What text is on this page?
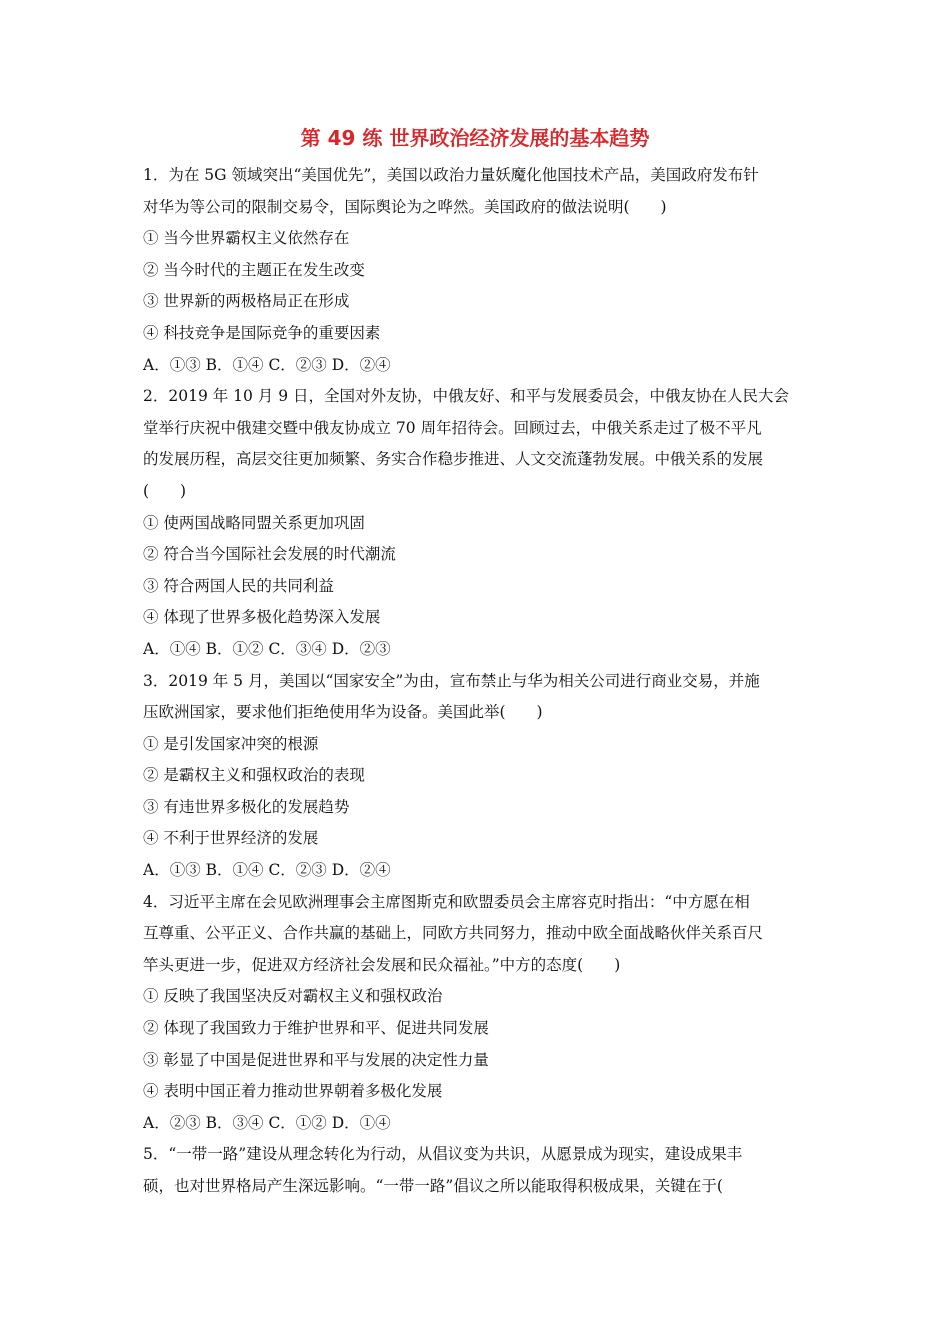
第 49 练 世界政治经济发展的基本趋势
1．为在 5G 领域突出“美国优先”，美国以政治力量妖魔化他国技术产品，美国政府发布针
对华为等公司的限制交易令，国际舆论为之哗然。美国政府的做法说明(　　)
① 当今世界霸权主义依然存在
② 当今时代的主题正在发生改变
③ 世界新的两极格局正在形成
④ 科技竞争是国际竞争的重要因素
A．①③ B．①④ C．②③ D．②④
2．2019 年 10 月 9 日，全国对外友协，中俄友好、和平与发展委员会，中俄友协在人民大会
堂举行庆祝中俄建交暨中俄友协成立 70 周年招待会。回顾过去，中俄关系走过了极不平凡
的发展历程，高层交往更加频繁、务实合作稳步推进、人文交流蓬勃发展。中俄关系的发展
(　　)
① 使两国战略同盟关系更加巩固
② 符合当今国际社会发展的时代潮流
③ 符合两国人民的共同利益
④ 体现了世界多极化趋势深入发展
A．①④ B．①② C．③④ D．②③
3．2019 年 5 月，美国以“国家安全”为由，宣布禁止与华为相关公司进行商业交易，并施
压欧洲国家，要求他们拒绝使用华为设备。美国此举(　　)
① 是引发国家冲突的根源
② 是霸权主义和强权政治的表现
③ 有违世界多极化的发展趋势
④ 不利于世界经济的发展
A．①③ B．①④ C．②③ D．②④
4．习近平主席在会见欧洲理事会主席图斯克和欧盟委员会主席容克时指出：“中方愿在相
互尊重、公平正义、合作共赢的基础上，同欧方共同努力，推动中欧全面战略伙伴关系百尺
竿头更进一步，促进双方经济社会发展和民众福祉。”中方的态度(　　)
① 反映了我国坚决反对霸权主义和强权政治
② 体现了我国致力于维护世界和平、促进共同发展
③ 彰显了中国是促进世界和平与发展的决定性力量
④ 表明中国正着力推动世界朝着多极化发展
A．②③ B．③④ C．①② D．①④
5．“一带一路”建设从理念转化为行动，从倡议变为共识，从愿景成为现实，建设成果丰
硕，也对世界格局产生深远影响。“一带一路”倡议之所以能取得积极成果，关键在于(
